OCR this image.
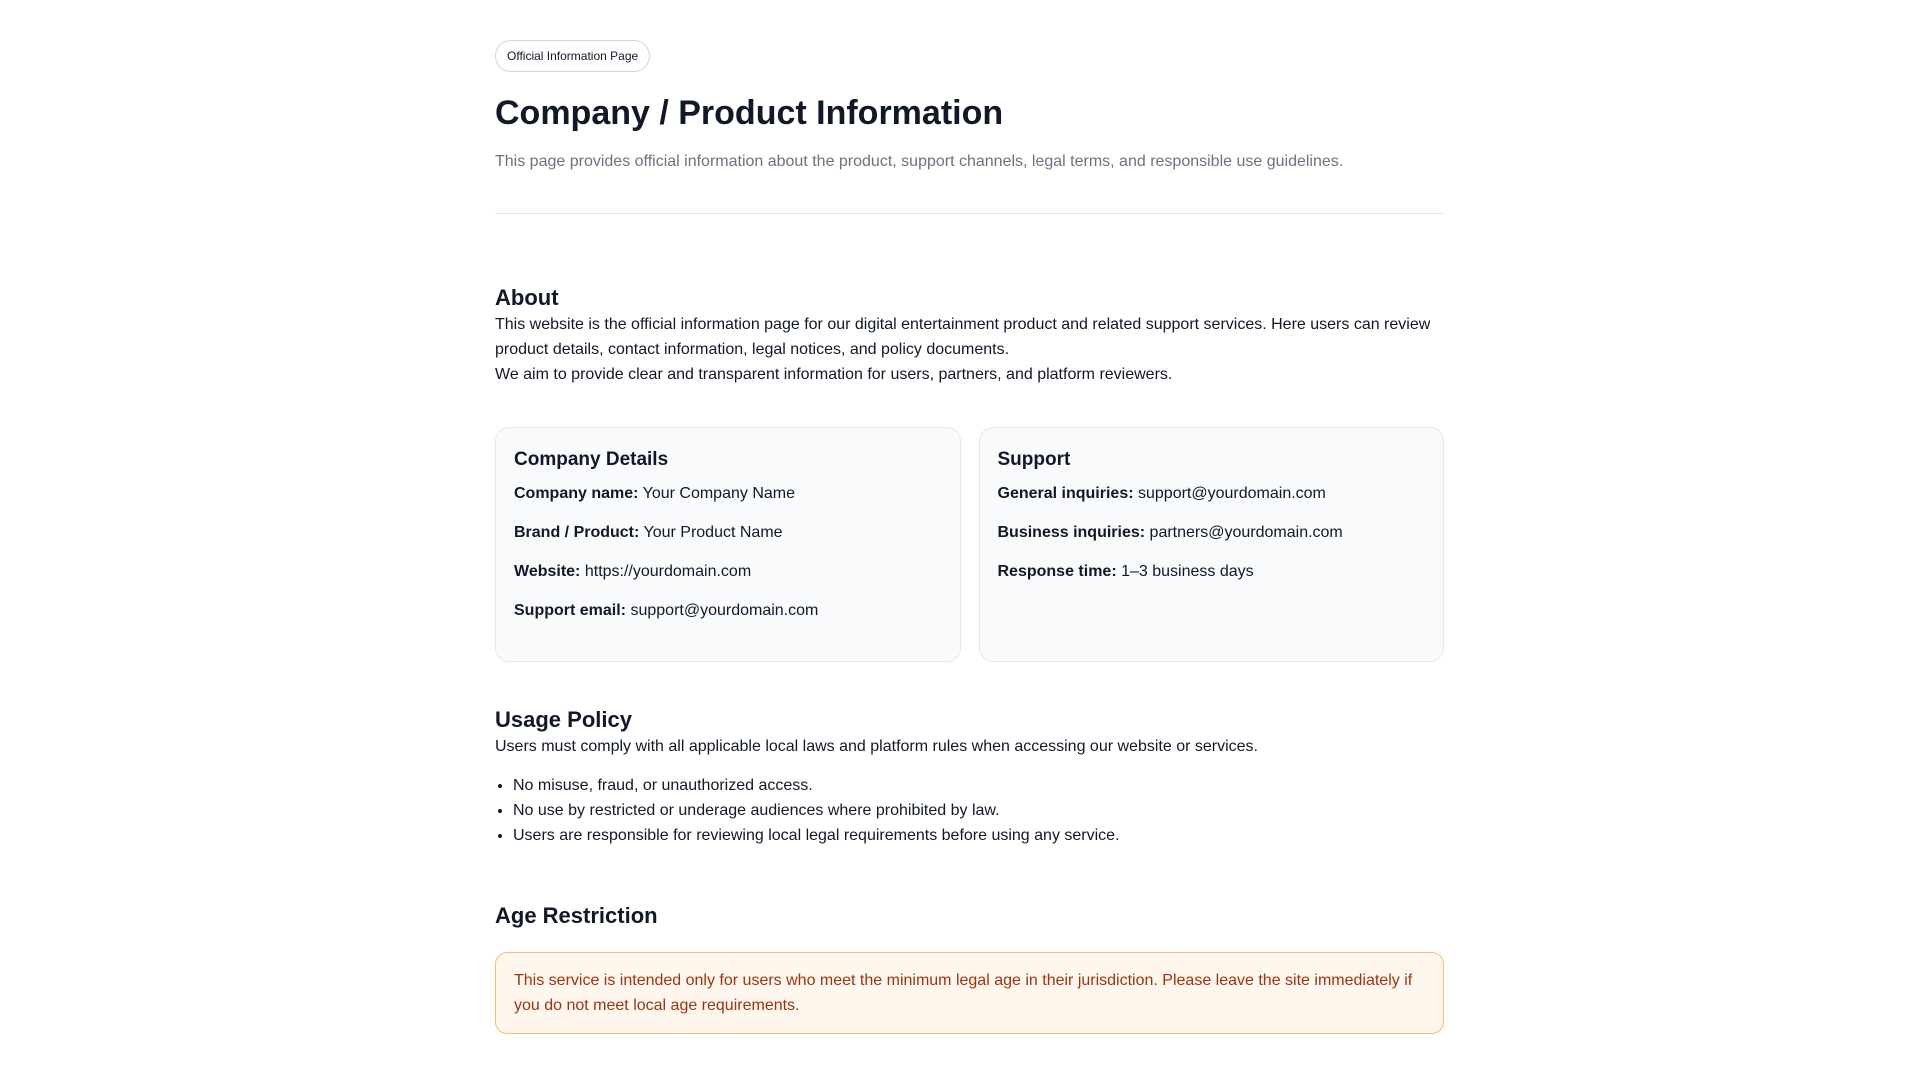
Official Information Page
Company / Product Information

This page provides official information about the product, support channels, legal terms, and responsible use guidelines.

About

This website is the official information page for our digital entertainment product and related support services. Here users can review product details, contact information, legal notices, and policy documents.

We aim to provide clear and transparent information for users, partners, and platform reviewers.

Company Details
Company name: Your Company Name
Brand / Product: Your Product Name
Website: https://yourdomain.com
Support email: support@yourdomain.com
Support
General inquiries: support@yourdomain.com
Business inquiries: partners@yourdomain.com
Response time: 1–3 business days
Usage Policy

Users must comply with all applicable local laws and platform rules when accessing our website or services.

• No misuse, fraud, or unauthorized access.
• No use by restricted or underage audiences where prohibited by law.
• Users are responsible for reviewing local legal requirements before using any service.
Age Restriction
This service is intended only for users who meet the minimum legal age in their jurisdiction. Please leave the site immediately if you do not meet local age requirements.
